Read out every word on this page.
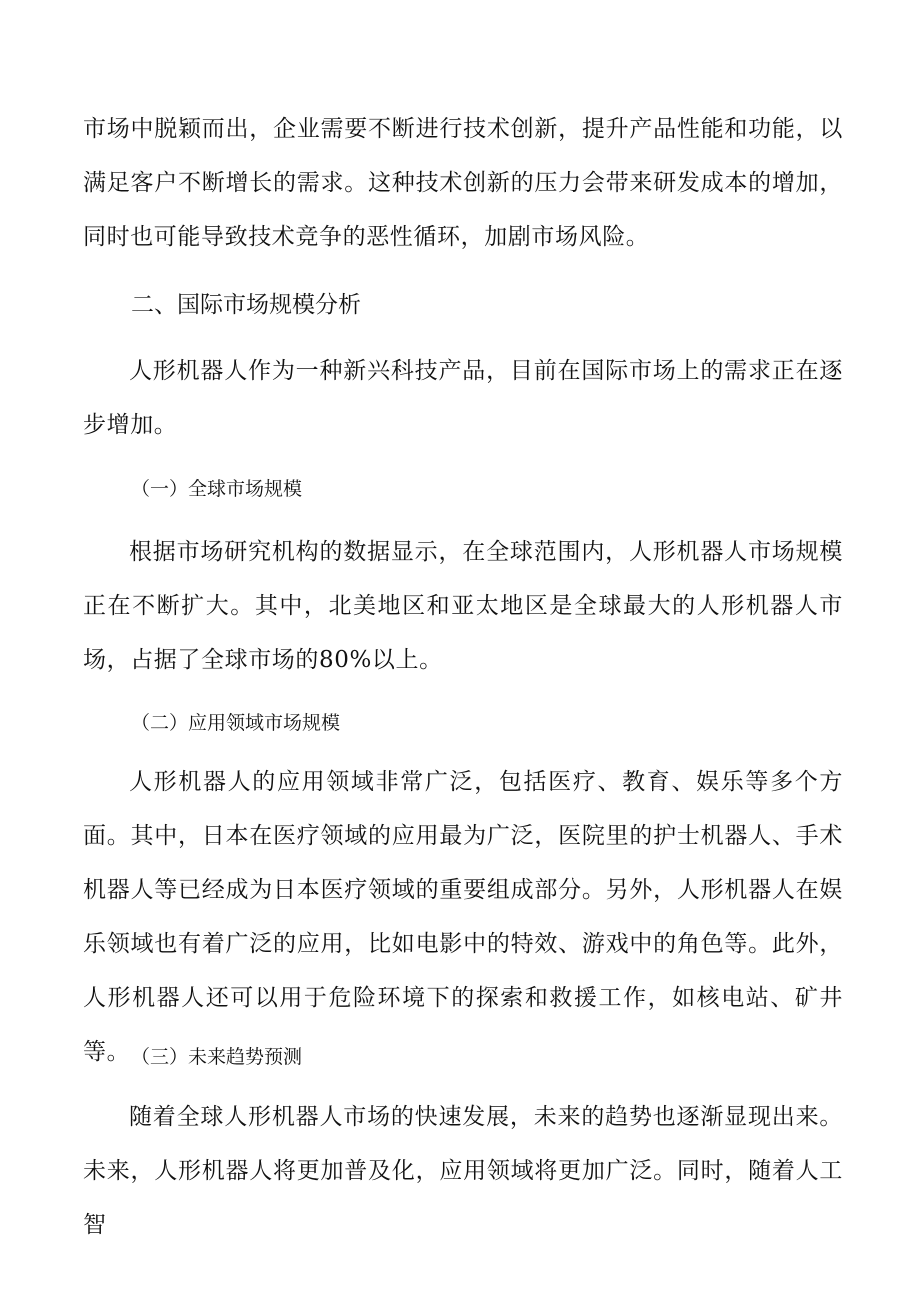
市场中脱颖而出，企业需要不断进行技术创新，提升产品性能和功能，以满足客户不断增长的需求。这种技术创新的压力会带来研发成本的增加，同时也可能导致技术竞争的恶性循环，加剧市场风险。

二、国际市场规模分析

人形机器人作为一种新兴科技产品，目前在国际市场上的需求正在逐步增加。

（一）全球市场规模

根据市场研究机构的数据显示，在全球范围内，人形机器人市场规模正在不断扩大。其中，北美地区和亚太地区是全球最大的人形机器人市场，占据了全球市场的80%以上。

（二）应用领域市场规模

人形机器人的应用领域非常广泛，包括医疗、教育、娱乐等多个方面。其中，日本在医疗领域的应用最为广泛，医院里的护士机器人、手术机器人等已经成为日本医疗领域的重要组成部分。另外，人形机器人在娱乐领域也有着广泛的应用，比如电影中的特效、游戏中的角色等。此外，人形机器人还可以用于危险环境下的探索和救援工作，如核电站、矿井等。 （三）未来趋势预测

随着全球人形机器人市场的快速发展，未来的趋势也逐渐显现出来。未来，人形机器人将更加普及化，应用领域将更加广泛。同时，随着人工智
